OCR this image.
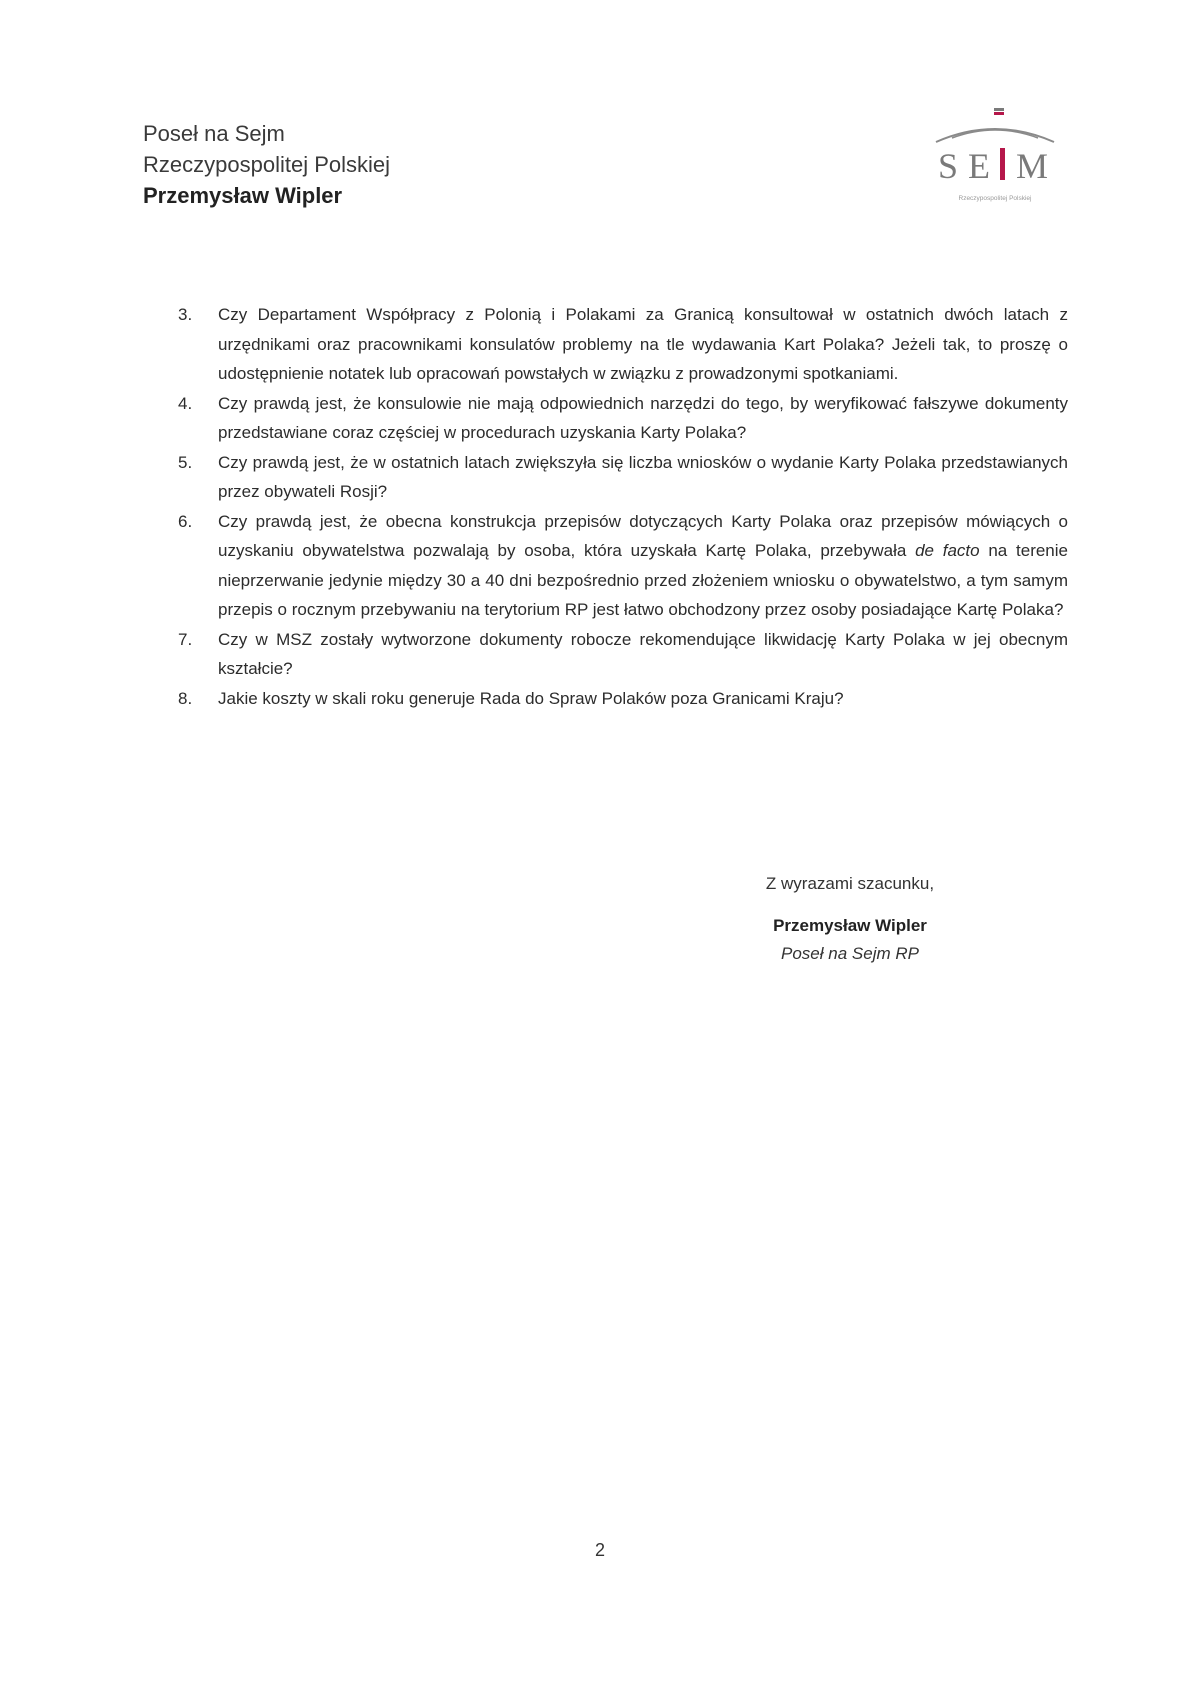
Poseł na Sejm
Rzeczypospolitej Polskiej
Przemysław Wipler
S E M
Rzeczypospolitej Polskiej
3.	Czy Departament Współpracy z Polonią i Polakami za Granicą konsultował w ostatnich dwóch latach z urzędnikami oraz pracownikami konsulatów problemy na tle wydawania Kart Polaka? Jeżeli tak, to proszę o udostępnienie notatek lub opracowań powstałych w związku z prowadzonymi spotkaniami.
4.	Czy prawdą jest, że konsulowie nie mają odpowiednich narzędzi do tego, by weryfikować fałszywe dokumenty przedstawiane coraz częściej w procedurach uzyskania Karty Polaka?
5.	Czy prawdą jest, że w ostatnich latach zwiększyła się liczba wniosków o wydanie Karty Polaka przedstawianych przez obywateli Rosji?
6.	Czy prawdą jest, że obecna konstrukcja przepisów dotyczących Karty Polaka oraz przepisów mówiących o uzyskaniu obywatelstwa pozwalają by osoba, która uzyskała Kartę Polaka, przebywała de facto na terenie nieprzerwanie jedynie między 30 a 40 dni bezpośrednio przed złożeniem wniosku o obywatelstwo, a tym samym przepis o rocznym przebywaniu na terytorium RP jest łatwo obchodzony przez osoby posiadające Kartę Polaka?
7.	Czy w MSZ zostały wytworzone dokumenty robocze rekomendujące likwidację Karty Polaka w jej obecnym kształcie?
8.	Jakie koszty w skali roku generuje Rada do Spraw Polaków poza Granicami Kraju?
Z wyrazami szacunku,
Przemysław Wipler
Poseł na Sejm RP
2
